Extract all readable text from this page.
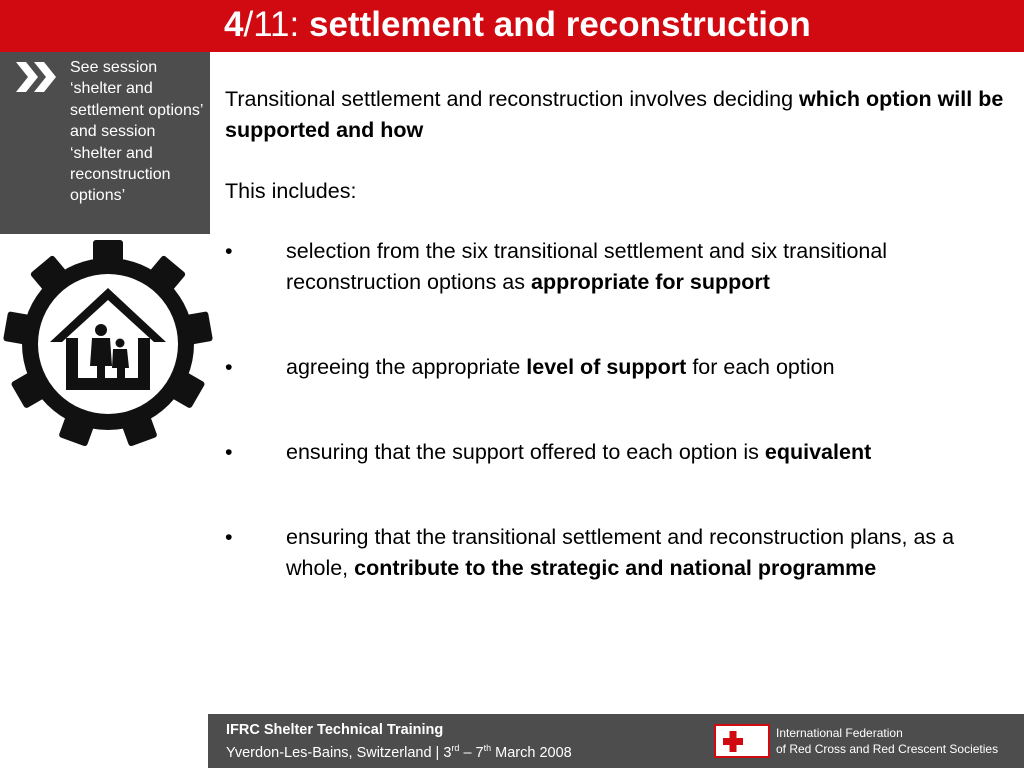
4/11: settlement and reconstruction
See session ‘shelter and settlement options’ and session ‘shelter and reconstruction options’

Transitional settlement and reconstruction involves deciding which option will be supported and how

This includes:

• selection from the six transitional settlement and six transitional reconstruction options as appropriate for support
• agreeing the appropriate level of support for each option
• ensuring that the support offered to each option is equivalent
• ensuring that the transitional settlement and reconstruction plans, as a whole, contribute to the strategic and national programme
IFRC Shelter Technical Training
Yverdon-Les-Bains, Switzerland | 3rd – 7th March 2008
International Federation
of Red Cross and Red Crescent Societies
